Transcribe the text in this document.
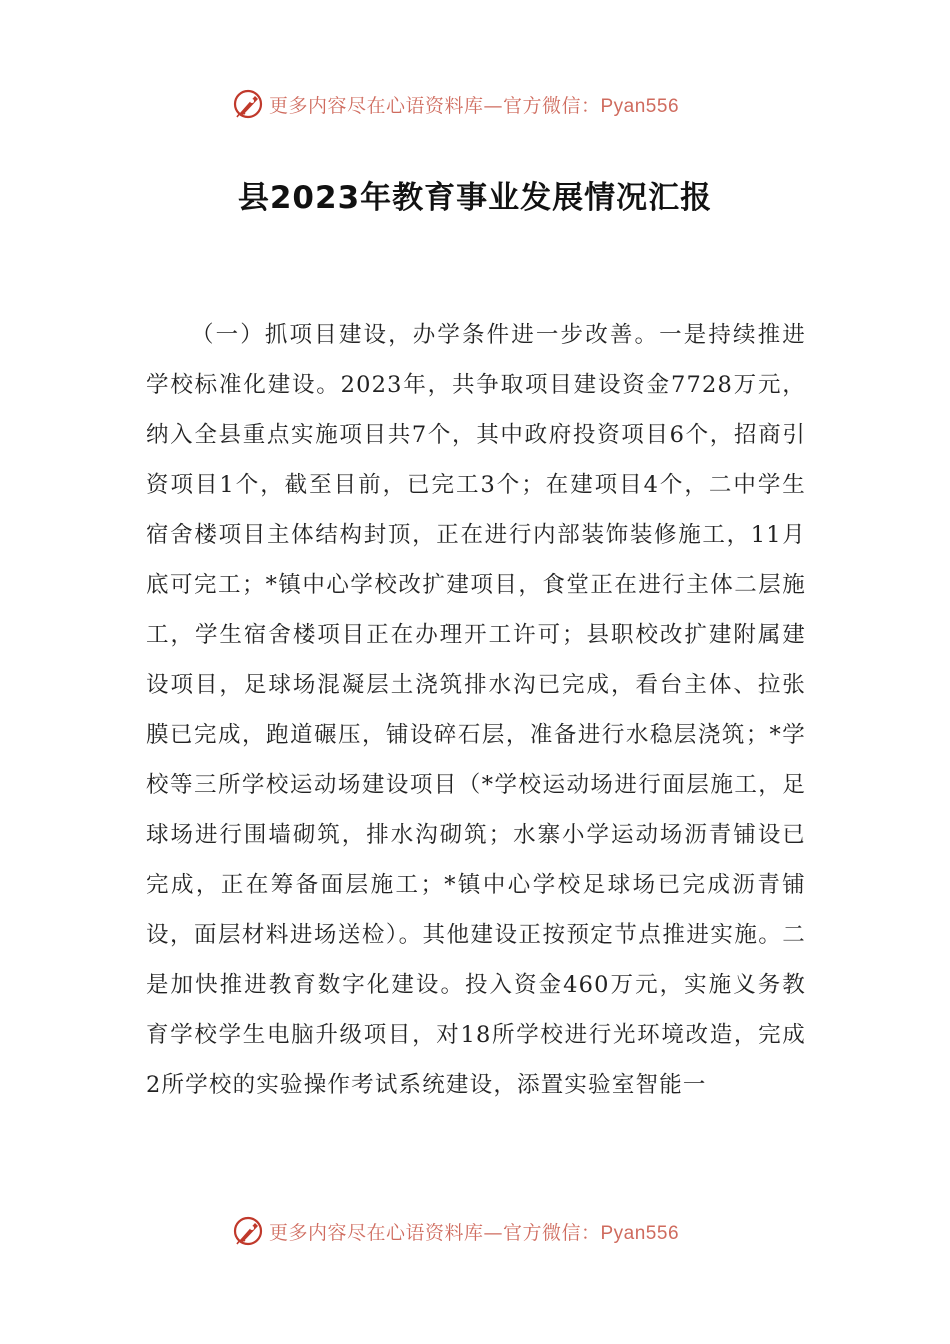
更多内容尽在心语资料库—官方微信：Pyan556
县2023年教育事业发展情况汇报

（一）抓项目建设，办学条件进一步改善。一是持续推进学校标准化建设。2023年，共争取项目建设资金7728万元，纳入全县重点实施项目共7个，其中政府投资项目6个，招商引资项目1个，截至目前，已完工3个；在建项目4个，二中学生宿舍楼项目主体结构封顶，正在进行内部装饰装修施工，11月底可完工；*镇中心学校改扩建项目，食堂正在进行主体二层施工，学生宿舍楼项目正在办理开工许可；县职校改扩建附属建设项目，足球场混凝层土浇筑排水沟已完成，看台主体、拉张膜已完成，跑道碾压，铺设碎石层，准备进行水稳层浇筑；*学校等三所学校运动场建设项目（*学校运动场进行面层施工，足球场进行围墙砌筑，排水沟砌筑；水寨小学运动场沥青铺设已完成，正在筹备面层施工；*镇中心学校足球场已完成沥青铺设，面层材料进场送检）。其他建设正按预定节点推进实施。二是加快推进教育数字化建设。投入资金460万元，实施义务教育学校学生电脑升级项目，对18所学校进行光环境改造，完成2所学校的实验操作考试系统建设，添置实验室智能一

更多内容尽在心语资料库—官方微信：Pyan556
